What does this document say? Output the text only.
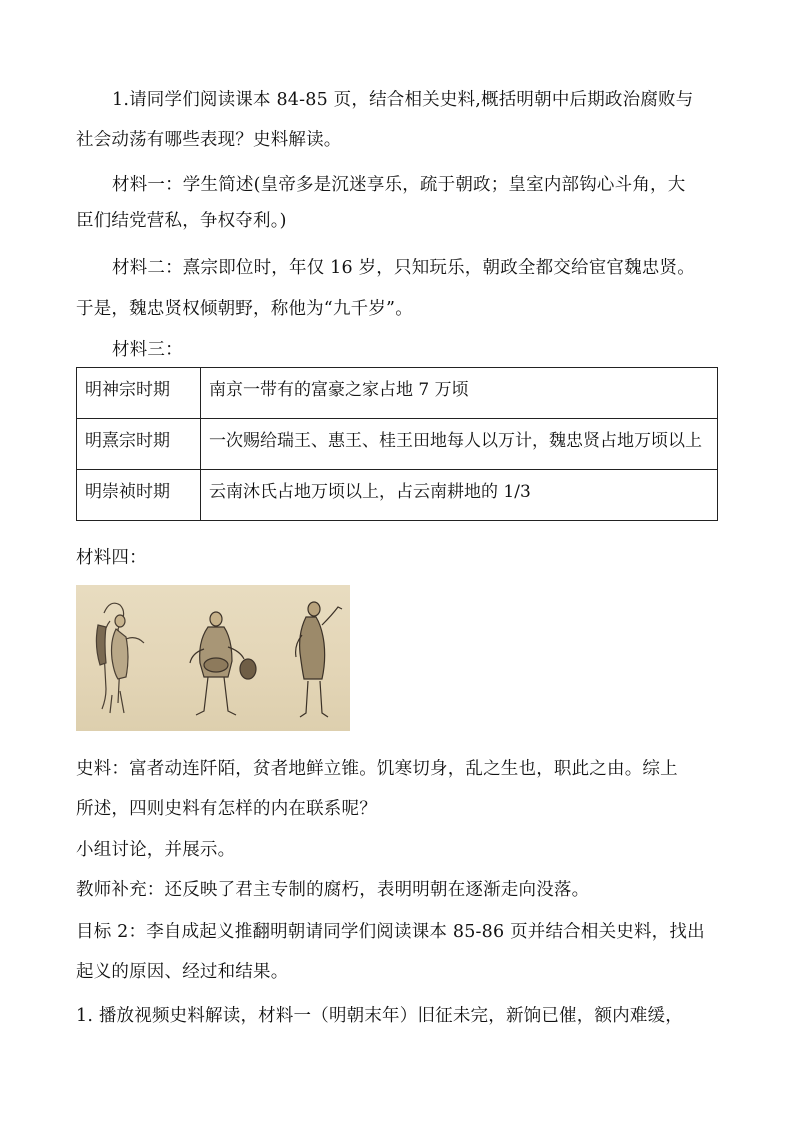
1.请同学们阅读课本 84-85 页，结合相关史料,概括明朝中后期政治腐败与
社会动荡有哪些表现？史料解读。
材料一：学生简述(皇帝多是沉迷享乐，疏于朝政；皇室内部钩心斗角，大
臣们结党营私，争权夺利。)
材料二：熹宗即位时，年仅 16 岁，只知玩乐，朝政全都交给宦官魏忠贤。
于是，魏忠贤权倾朝野，称他为“九千岁”。
材料三：
明神宗时期	南京一带有的富豪之家占地 7 万顷
明熹宗时期	一次赐给瑞王、惠王、桂王田地每人以万计，魏忠贤占地万顷以上

明崇祯时期	云南沐氏占地万顷以上，占云南耕地的 1/3
材料四：
史料：富者动连阡陌，贫者地鲜立锥。饥寒切身，乱之生也，职此之由。综上
所述，四则史料有怎样的内在联系呢？
小组讨论，并展示。
教师补充：还反映了君主专制的腐朽，表明明朝在逐渐走向没落。
目标 2：李自成起义推翻明朝请同学们阅读课本 85-86 页并结合相关史料，找出
起义的原因、经过和结果。
1. 播放视频史料解读，材料一（明朝末年）旧征未完，新饷已催，额内难缓，
